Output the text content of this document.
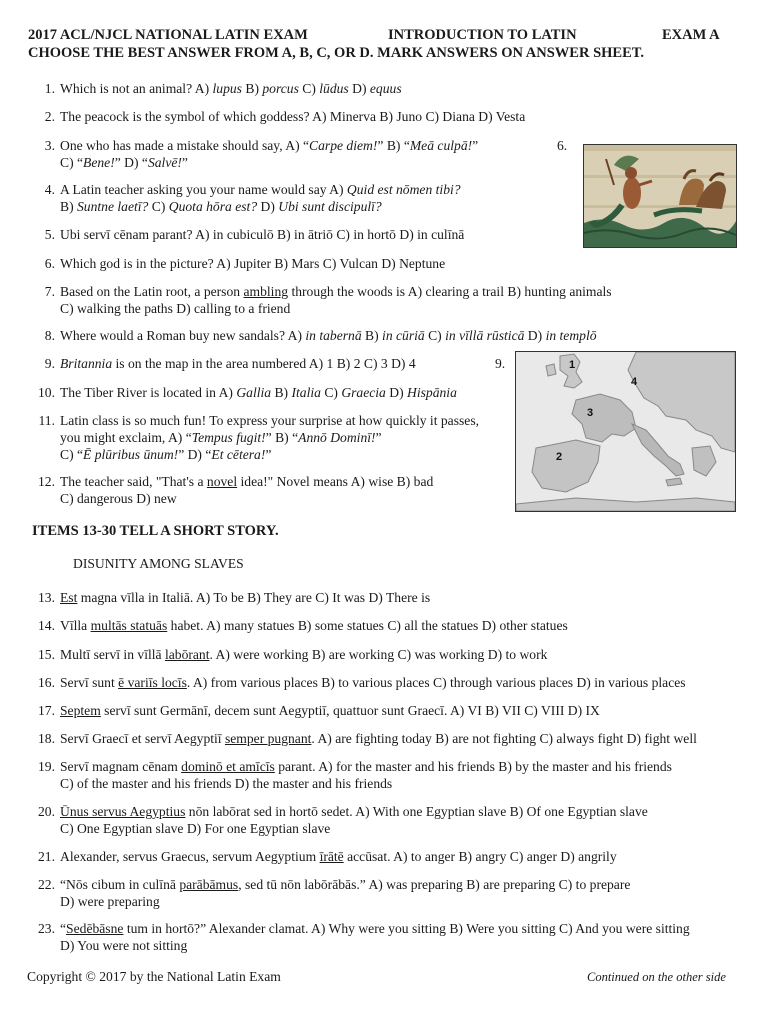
2017 ACL/NJCL NATIONAL LATIN EXAM	INTRODUCTION TO LATIN	EXAM A
CHOOSE THE BEST ANSWER FROM A, B, C, OR D. MARK ANSWERS ON ANSWER SHEET.
6.
9.	1
2
3
4
1. Which is not an animal? A) lupus B) porcus C) lūdus D) equus
2. The peacock is the symbol of which goddess? A) Minerva B) Juno C) Diana D) Vesta
3. One who has made a mistake should say, A) “Carpe diem!” B) “Meā culpā!”
C) “Bene!” D) “Salvē!”
4. A Latin teacher asking you your name would say A) Quid est nōmen tibi?
B) Suntne laetī? C) Quota hōra est? D) Ubi sunt discipulī?
5. Ubi servī cēnam parant? A) in cubiculō B) in ātriō C) in hortō D) in culīnā
6. Which god is in the picture? A) Jupiter B) Mars C) Vulcan D) Neptune
7. Based on the Latin root, a person ambling through the woods is A) clearing a trail B) hunting animals
C) walking the paths D) calling to a friend
8. Where would a Roman buy new sandals? A) in tabernā B) in cūriā C) in vīllā rūsticā D) in templō
9. Britannia is on the map in the area numbered A) 1 B) 2 C) 3 D) 4
10. The Tiber River is located in A) Gallia B) Italia C) Graecia D) Hispānia
11. Latin class is so much fun! To express your surprise at how quickly it passes,
you might exclaim, A) “Tempus fugit!” B) “Annō Dominī!”
C) “Ē plūribus ūnum!” D) “Et cētera!”
12. The teacher said, "That's a novel idea!" Novel means A) wise B) bad
C) dangerous D) new
ITEMS 13-30 TELL A SHORT STORY.
DISUNITY AMONG SLAVES
13. Est magna vīlla in Italiā. A) To be B) They are C) It was D) There is
14. Vīlla multās statuās habet. A) many statues B) some statues C) all the statues D) other statues
15. Multī servī in vīllā labōrant. A) were working B) are working C) was working D) to work
16. Servī sunt ē variīs locīs. A) from various places B) to various places C) through various places D) in various places
17. Septem servī sunt Germānī, decem sunt Aegyptiī, quattuor sunt Graecī. A) VI B) VII C) VIII D) IX
18. Servī Graecī et servī Aegyptiī semper pugnant. A) are fighting today B) are not fighting C) always fight D) fight well
19. Servī magnam cēnam dominō et amīcīs parant. A) for the master and his friends B) by the master and his friends
C) of the master and his friends D) the master and his friends
20. Ūnus servus Aegyptius nōn labōrat sed in hortō sedet. A) With one Egyptian slave B) Of one Egyptian slave
C) One Egyptian slave D) For one Egyptian slave
21. Alexander, servus Graecus, servum Aegyptium īrātē accūsat. A) to anger B) angry C) anger D) angrily
22. “Nōs cibum in culīnā parābāmus, sed tū nōn labōrābās.” A) was preparing B) are preparing C) to prepare
D) were preparing
23. “Sedēbāsne tum in hortō?” Alexander clamat. A) Why were you sitting B) Were you sitting C) And you were sitting
D) You were not sitting
Copyright © 2017 by the National Latin Exam	Continued on the other side
